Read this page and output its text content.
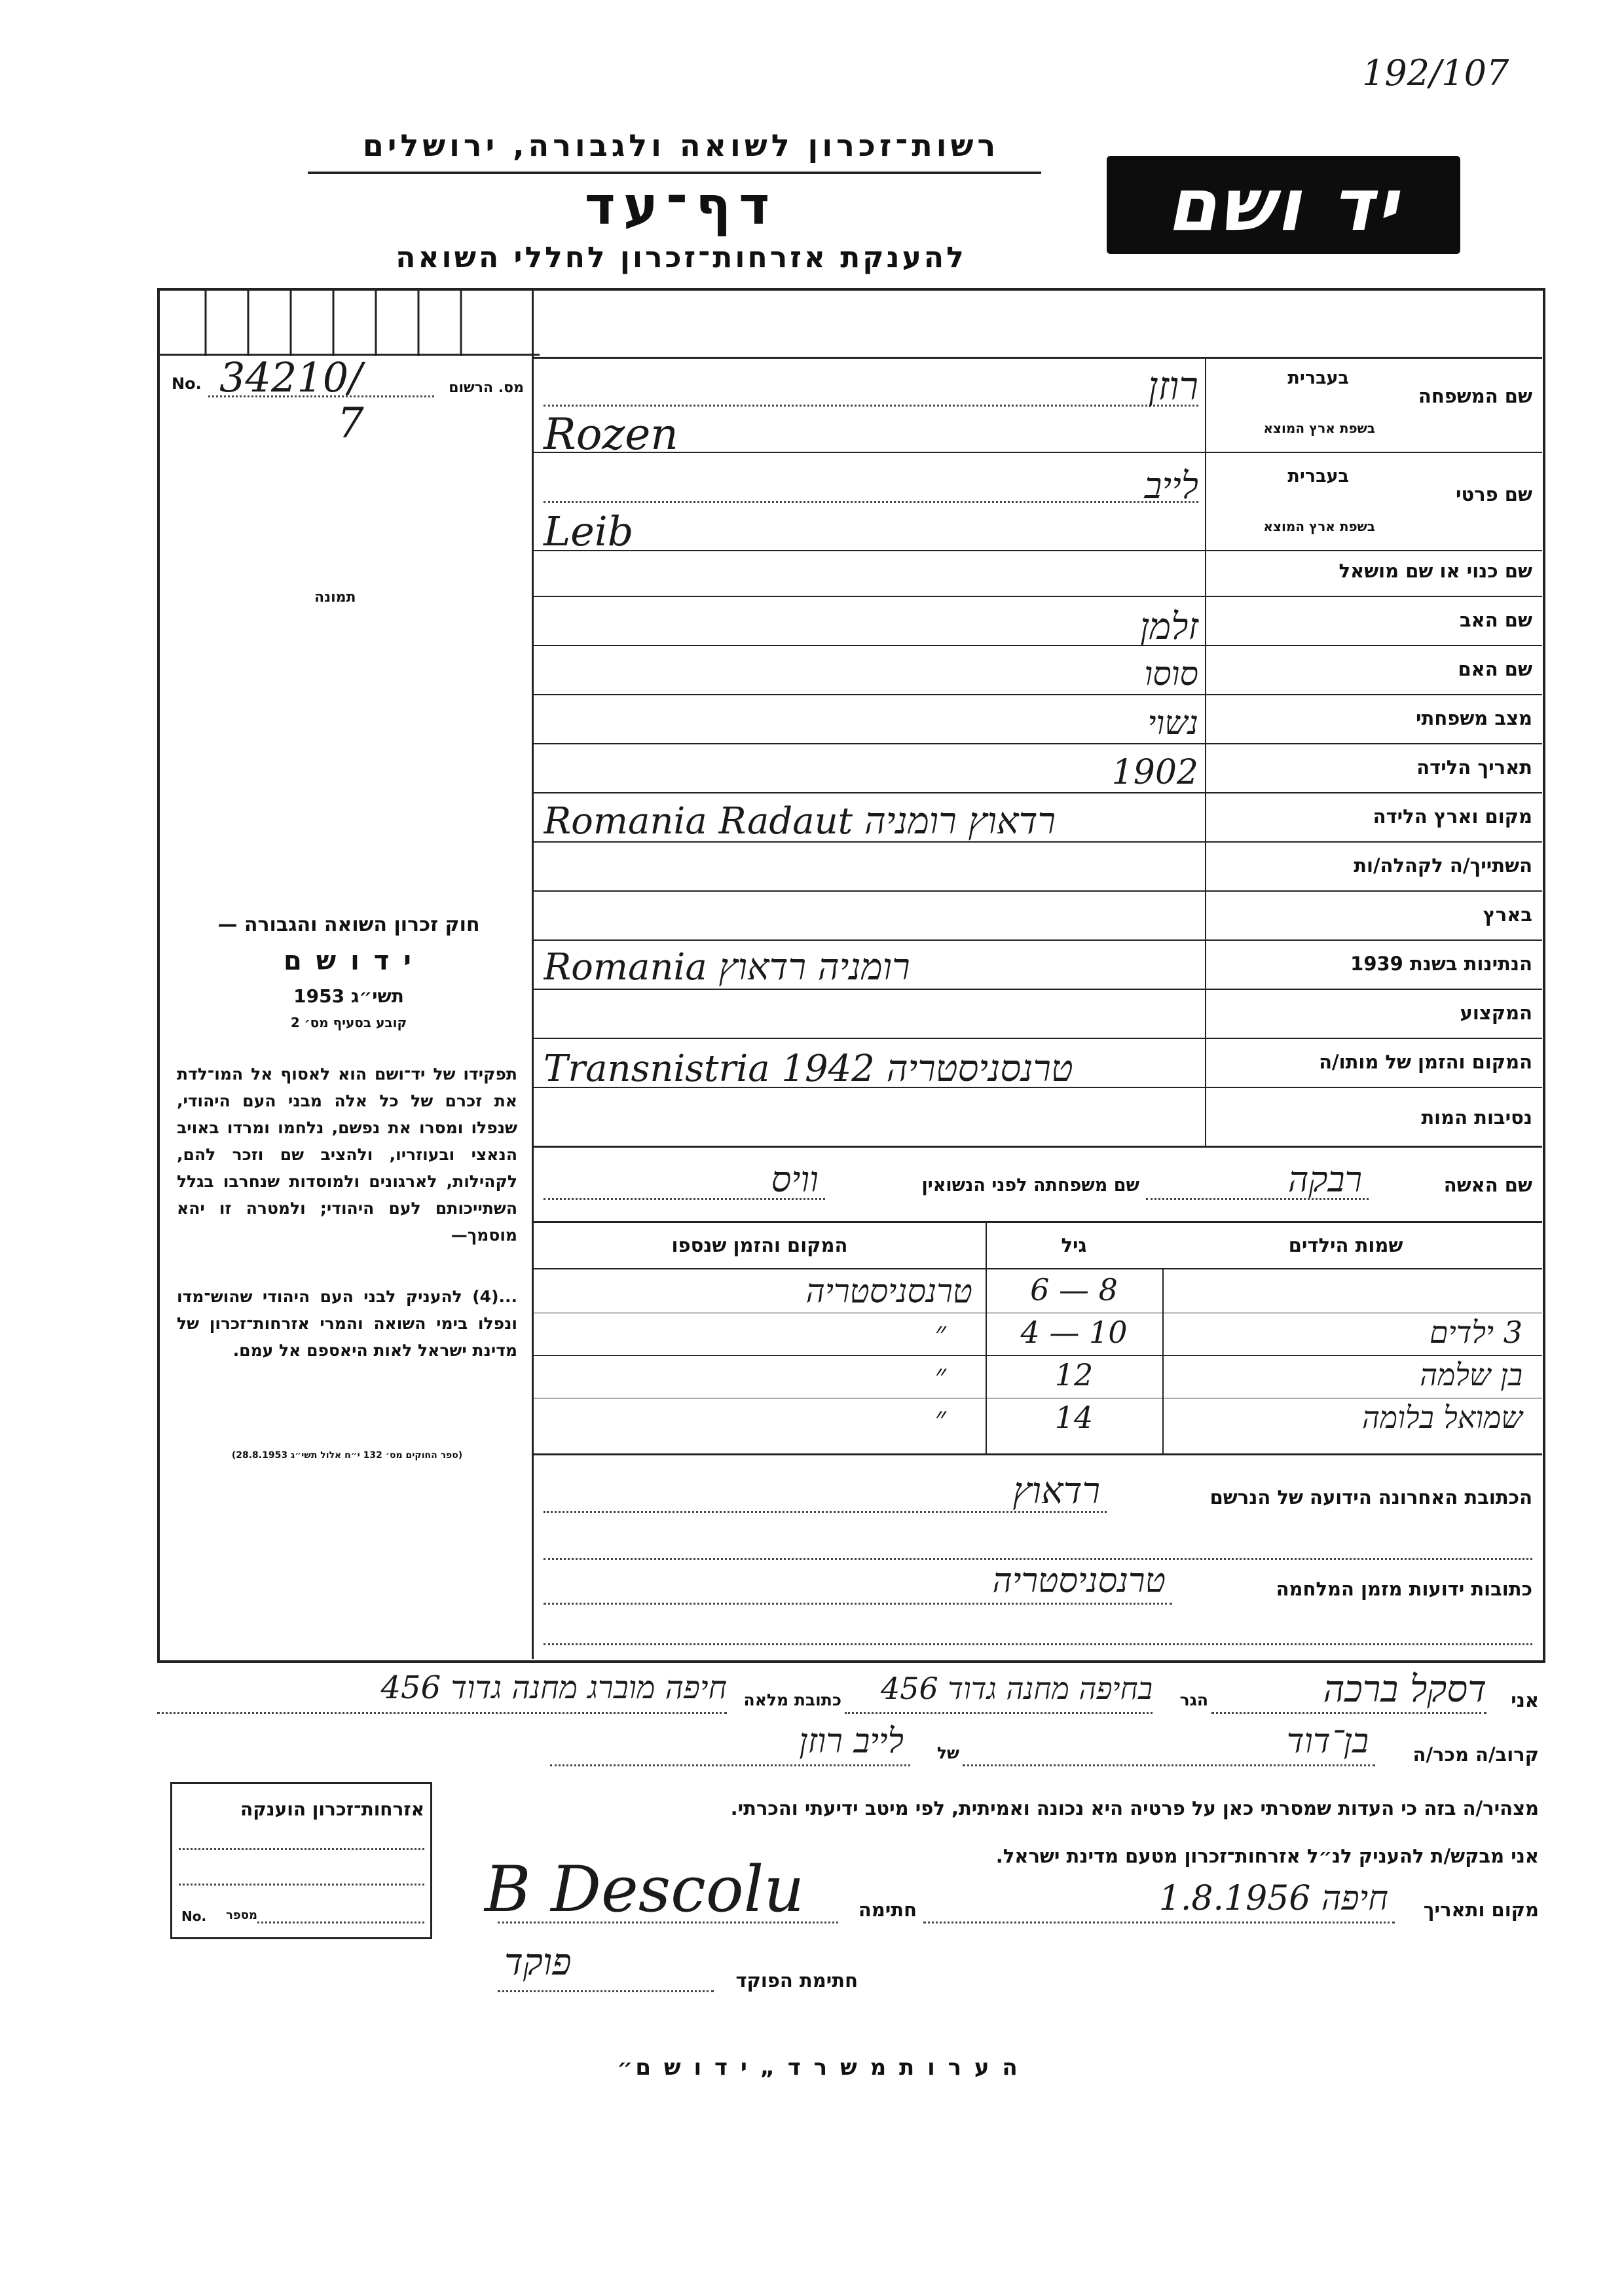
192/107
רשות־זכרון לשואה ולגבורה, ירושלים
דף־עד
להענקת אזרחות־זכרון לחללי השואה
יד ושם
No. 34210/
7
מס. הרשום
תמונה
חוק זכרון השואה והגבורה —
י ד ו ש ם
תשי״ג 1953
קובע בסעיף מס׳ 2
תפקידו של יד־ושם הוא לאסוף אל המו־לדת את זכרם של כל אלה מבני העם היהודי, שנפלו ומסרו את נפשם, נלחמו ומרדו באויב הנאצי ובעוזריו, ולהציב שם וזכר להם, לקהילות, לארגונים ולמוסדות שנחרבו בגלל השתייכותם לעם היהודי; ולמטרה זו יהא מוסמך—
...(4) להעניק לבני העם היהודי שהוש־מדו ונפלו בימי השואה והמרי אזרחות־זכרון של מדינת ישראל לאות היאספם אל עמם.
(ספר החוקים מס׳ 132 י״ח אלול תשי״ג 28.8.1953)
שם המשפחה
בעברית
בשפת ארץ המוצא
רוזן
Rozen
שם פרטי
בעברית
בשפת ארץ המוצא
לייב
Leib
שם כנוי או שם מושאל
שם האב
זלמן
שם האם
סוסו
מצב משפחתי
נשוי
תאריך הלידה
1902
מקום וארץ הלידה
Romania Radaut רדאוץ רומניה
השתייך/ה לקהלה/ות
בארץ
הנתינות בשנת 1939
Romania רומניה רדאוץ
המקצוע
המקום והזמן של מותו/ה
Transnistria טרנסניסטריה 1942
נסיבות המות
שם האשה
רבקה
שם משפחתה לפני הנשואין
וויס
שמות הילדים
גיל
המקום והזמן שנספו
6 — 8
טרנסניסטריה
3 ילדים
4 — 10
״
בן שלמה
12
״
שמואל בלומה
14
״
הכתובת האחרונה הידועה של הנרשם
רדאוץ
כתובות ידועות מזמן המלחמה
טרנסניסטריה
אני
דסקל ברכה
הגר
בחיפה מחנה גדוד 456
כתובת מלאה
חיפה מוברג מחנה גדוד 456
קרוב/ה מכר/ה
בן־דוד
של
לייב רוזן
מצהיר/ה בזה כי העדות שמסרתי כאן על פרטיה היא נכונה ואמיתית, לפי מיטב ידיעתי והכרתי.
אני מבקש/ת להעניק לנ״ל אזרחות־זכרון מטעם מדינת ישראל.
מקום ותאריך
חיפה 1.8.1956
חתימה
B Descolu
חתימת הפוקד
פוקד
אזרחות־זכרון הוענקה
No.	מספר
ה ע ר ו ת מ ש ר ד „ י ד ו ש ם״
